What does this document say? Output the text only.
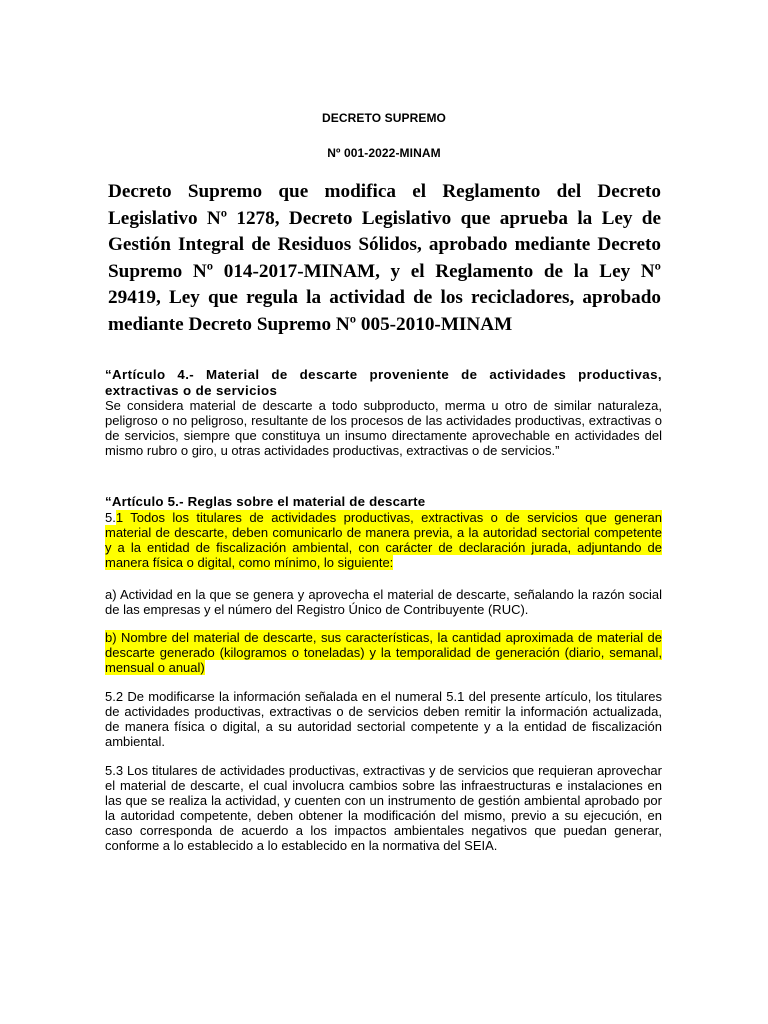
DECRETO SUPREMO
Nº 001-2022-MINAM
Decreto Supremo que modifica el Reglamento del Decreto Legislativo Nº 1278, Decreto Legislativo que aprueba la Ley de Gestión Integral de Residuos Sólidos, aprobado mediante Decreto Supremo Nº 014-2017-MINAM, y el Reglamento de la Ley Nº 29419, Ley que regula la actividad de los recicladores, aprobado mediante Decreto Supremo Nº 005-2010-MINAM

“Artículo 4.- Material de descarte proveniente de actividades productivas, extractivas o de servicios

Se considera material de descarte a todo subproducto, merma u otro de similar naturaleza, peligroso o no peligroso, resultante de los procesos de las actividades productivas, extractivas o de servicios, siempre que constituya un insumo directamente aprovechable en actividades del mismo rubro o giro, u otras actividades productivas, extractivas o de servicios.”

“Artículo 5.- Reglas sobre el material de descarte

5.1 Todos los titulares de actividades productivas, extractivas o de servicios que generan material de descarte, deben comunicarlo de manera previa, a la autoridad sectorial competente y a la entidad de fiscalización ambiental, con carácter de declaración jurada, adjuntando de manera física o digital, como mínimo, lo siguiente:

a) Actividad en la que se genera y aprovecha el material de descarte, señalando la razón social de las empresas y el número del Registro Único de Contribuyente (RUC).
b) Nombre del material de descarte, sus características, la cantidad aproximada de material de descarte generado (kilogramos o toneladas) y la temporalidad de generación (diario, semanal, mensual o anual)
5.2 De modificarse la información señalada en el numeral 5.1 del presente artículo, los titulares de actividades productivas, extractivas o de servicios deben remitir la información actualizada, de manera física o digital, a su autoridad sectorial competente y a la entidad de fiscalización ambiental.
5.3 Los titulares de actividades productivas, extractivas y de servicios que requieran aprovechar el material de descarte, el cual involucra cambios sobre las infraestructuras e instalaciones en las que se realiza la actividad, y cuenten con un instrumento de gestión ambiental aprobado por la autoridad competente, deben obtener la modificación del mismo, previo a su ejecución, en caso corresponda de acuerdo a los impactos ambientales negativos que puedan generar, conforme a lo establecido a lo establecido en la normativa del SEIA.
